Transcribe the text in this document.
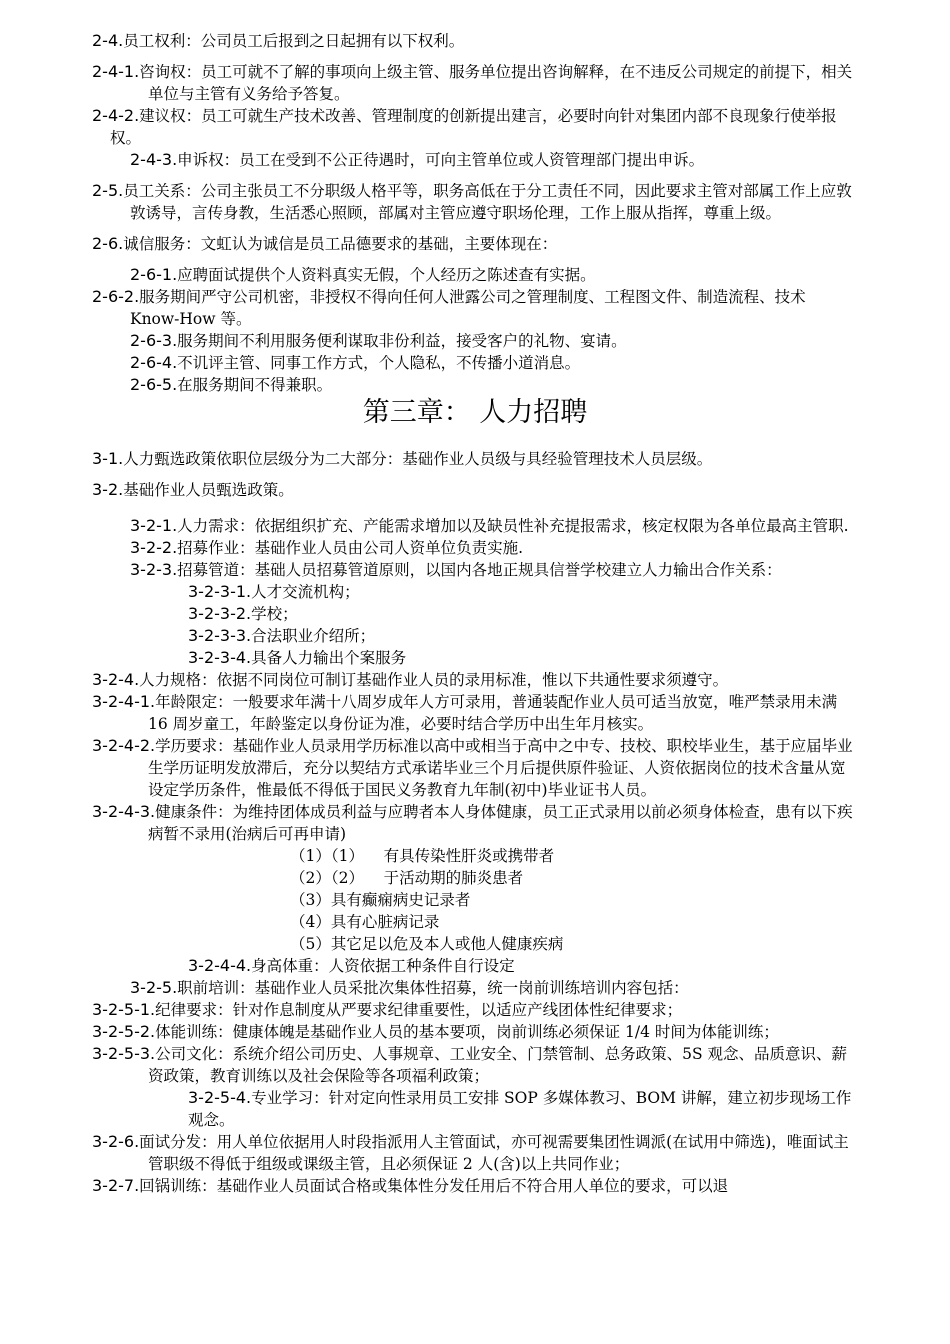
2-4.员工权利：公司员工后报到之日起拥有以下权利。

2-4-1.咨询权：员工可就不了解的事项向上级主管、服务单位提出咨询解释，在不违反公司规定的前提下，相关单位与主管有义务给予答复。

2-4-2.建议权：员工可就生产技术改善、管理制度的创新提出建言，必要时向针对集团内部不良现象行使举报权。

2-4-3.申诉权：员工在受到不公正待遇时，可向主管单位或人资管理部门提出申诉。

2-5.员工关系：公司主张员工不分职级人格平等，职务高低在于分工责任不同，因此要求主管对部属工作上应敦敦诱导，言传身教，生活悉心照顾，部属对主管应遵守职场伦理，工作上服从指挥，尊重上级。

2-6.诚信服务：文虹认为诚信是员工品德要求的基础，主要体现在：

2-6-1.应聘面试提供个人资料真实无假，个人经历之陈述查有实据。

2-6-2.服务期间严守公司机密，非授权不得向任何人泄露公司之管理制度、工程图文件、制造流程、技术 Know-How 等。

2-6-3.服务期间不利用服务便利谋取非份利益，接受客户的礼物、宴请。

2-6-4.不讥评主管、同事工作方式，个人隐私，不传播小道消息。

2-6-5.在服务期间不得兼职。

第三章： 人力招聘

3-1.人力甄选政策依职位层级分为二大部分：基础作业人员级与具经验管理技术人员层级。

3-2.基础作业人员甄选政策。

3-2-1.人力需求：依据组织扩充、产能需求增加以及缺员性补充提报需求，核定权限为各单位最高主管职.

3-2-2.招募作业：基础作业人员由公司人资单位负责实施.

3-2-3.招募管道：基础人员招募管道原则，以国内各地正规具信誉学校建立人力输出合作关系：

3-2-3-1.人才交流机构；

3-2-3-2.学校；

3-2-3-3.合法职业介绍所；

3-2-3-4.具备人力输出个案服务

3-2-4.人力规格：依据不同岗位可制订基础作业人员的录用标准，惟以下共通性要求须遵守。

3-2-4-1.年龄限定：一般要求年满十八周岁成年人方可录用，普通装配作业人员可适当放宽，唯严禁录用未满 16 周岁童工，年龄鉴定以身份证为准，必要时结合学历中出生年月核实。

3-2-4-2.学历要求：基础作业人员录用学历标准以高中或相当于高中之中专、技校、职校毕业生，基于应届毕业生学历证明发放滞后，充分以契结方式承诺毕业三个月后提供原件验证、人资依据岗位的技术含量从宽设定学历条件，惟最低不得低于国民义务教育九年制(初中)毕业证书人员。

3-2-4-3.健康条件：为维持团体成员利益与应聘者本人身体健康，员工正式录用以前必须身体检查，患有以下疾病暂不录用(治病后可再申请)

（1）（1）    有具传染性肝炎或携带者

（2）（2）    于活动期的肺炎患者

（3）具有癫痫病史记录者

（4）具有心脏病记录

（5）其它足以危及本人或他人健康疾病

3-2-4-4.身高体重：人资依据工种条件自行设定

3-2-5.职前培训：基础作业人员采批次集体性招募，统一岗前训练培训内容包括：

3-2-5-1.纪律要求：针对作息制度从严要求纪律重要性，以适应产线团体性纪律要求；

3-2-5-2.体能训练：健康体魄是基础作业人员的基本要项，岗前训练必须保证 1/4 时间为体能训练；

3-2-5-3.公司文化：系统介绍公司历史、人事规章、工业安全、门禁管制、总务政策、5S 观念、品质意识、薪资政策，教育训练以及社会保险等各项福利政策；

3-2-5-4.专业学习：针对定向性录用员工安排 SOP 多媒体教习、BOM 讲解，建立初步现场工作观念。

3-2-6.面试分发：用人单位依据用人时段指派用人主管面试，亦可视需要集团性调派(在试用中筛选)，唯面试主管职级不得低于组级或课级主管，且必须保证 2 人(含)以上共同作业；

3-2-7.回锅训练：基础作业人员面试合格或集体性分发任用后不符合用人单位的要求，可以退
